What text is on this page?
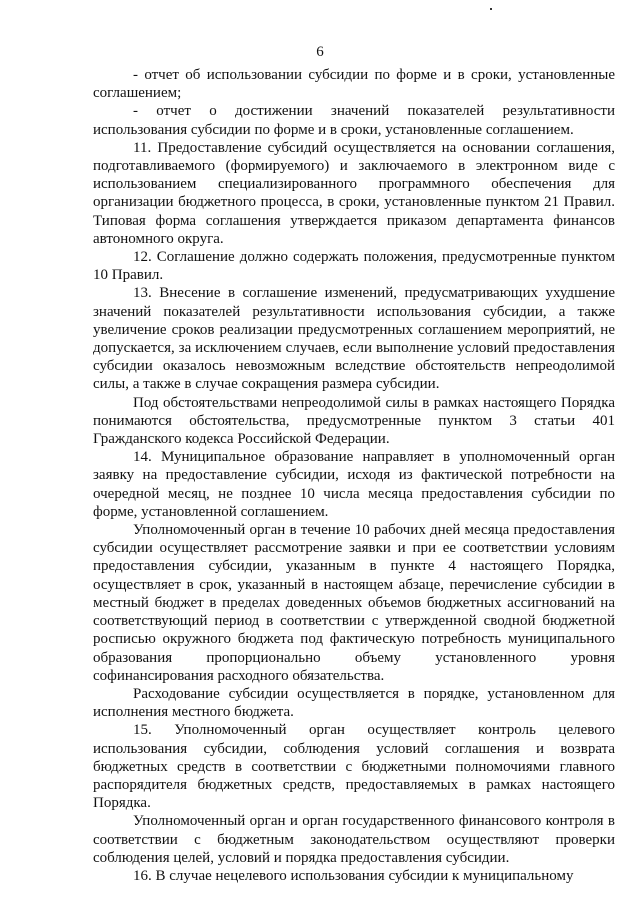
6

- отчет об использовании субсидии по форме и в сроки, установленные соглашением;

- отчет о достижении значений показателей результативности использования субсидии по форме и в сроки, установленные соглашением.

11. Предоставление субсидий осуществляется на основании соглашения, подготавливаемого (формируемого) и заключаемого в электронном виде с использованием специализированного программного обеспечения для организации бюджетного процесса, в сроки, установленные пунктом 21 Правил. Типовая форма соглашения утверждается приказом департамента финансов автономного округа.

12. Соглашение должно содержать положения, предусмотренные пунктом 10 Правил.

13. Внесение в соглашение изменений, предусматривающих ухудшение значений показателей результативности использования субсидии, а также увеличение сроков реализации предусмотренных соглашением мероприятий, не допускается, за исключением случаев, если выполнение условий предоставления субсидии оказалось невозможным вследствие обстоятельств непреодолимой силы, а также в случае сокращения размера субсидии.

Под обстоятельствами непреодолимой силы в рамках настоящего Порядка понимаются обстоятельства, предусмотренные пунктом 3 статьи 401 Гражданского кодекса Российской Федерации.

14. Муниципальное образование направляет в уполномоченный орган заявку на предоставление субсидии, исходя из фактической потребности на очередной месяц, не позднее 10 числа месяца предоставления субсидии по форме, установленной соглашением.

Уполномоченный орган в течение 10 рабочих дней месяца предоставления субсидии осуществляет рассмотрение заявки и при ее соответствии условиям предоставления субсидии, указанным в пункте 4 настоящего Порядка, осуществляет в срок, указанный в настоящем абзаце, перечисление субсидии в местный бюджет в пределах доведенных объемов бюджетных ассигнований на соответствующий период в соответствии с утвержденной сводной бюджетной росписью окружного бюджета под фактическую потребность муниципального образования пропорционально объему установленного уровня софинансирования расходного обязательства.

Расходование субсидии осуществляется в порядке, установленном для исполнения местного бюджета.

15. Уполномоченный орган осуществляет контроль целевого использования субсидии, соблюдения условий соглашения и возврата бюджетных средств в соответствии с бюджетными полномочиями главного распорядителя бюджетных средств, предоставляемых в рамках настоящего Порядка.

Уполномоченный орган и орган государственного финансового контроля в соответствии с бюджетным законодательством осуществляют проверки соблюдения целей, условий и порядка предоставления субсидии.

16. В случае нецелевого использования субсидии к муниципальному
